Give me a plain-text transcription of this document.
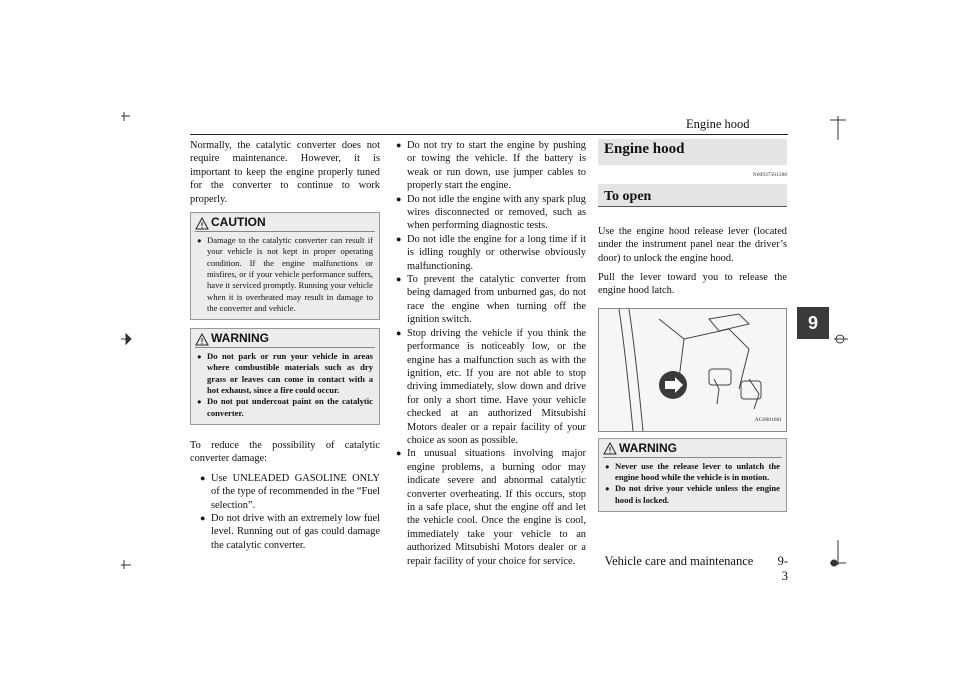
Engine hood
9

Normally, the catalytic converter does not require maintenance. However, it is important to keep the engine properly tuned for the converter to continue to work properly.

CAUTION
● Damage to the catalytic converter can result if your vehicle is not kept in proper operating condition. If the engine malfunctions or misfires, or if your vehicle performance suffers, have it serviced promptly. Running your vehicle when it is overheated may result in damage to the converter and vehicle.
WARNING
● Do not park or run your vehicle in areas where combustible materials such as dry grass or leaves can come in contact with a hot exhaust, since a fire could occur.
● Do not put undercoat paint on the catalytic converter.

To reduce the possibility of catalytic converter damage:

● Use UNLEADED GASOLINE ONLY of the type of recommended in the “Fuel selection”.
● Do not drive with an extremely low fuel level. Running out of gas could damage the catalytic converter.
● Do not try to start the engine by pushing or towing the vehicle. If the battery is weak or run down, use jumper cables to properly start the engine.
● Do not idle the engine with any spark plug wires disconnected or removed, such as when performing diagnostic tests.
● Do not idle the engine for a long time if it is idling roughly or otherwise obviously malfunctioning.
● To prevent the catalytic converter from being damaged from unburned gas, do not race the engine when turning off the ignition switch.
● Stop driving the vehicle if you think the performance is noticeably low, or the engine has a malfunction such as with the ignition, etc. If you are not able to stop driving immediately, slow down and drive for only a short time. Have your vehicle checked at an authorized Mitsubishi Motors dealer or a repair facility of your choice as soon as possible.
● In unusual situations involving major engine problems, a burning odor may indicate severe and abnormal catalytic converter overheating. If this occurs, stop in a safe place, shut the engine off and let the vehicle cool. Once the engine is cool, immediately take your vehicle to an authorized Mitsubishi Motors dealer or a repair facility of your choice for service.
Engine hood
N00937501588
To open

Use the engine hood release lever (located under the instrument panel near the driver’s door) to unlock the engine hood.

Pull the lever toward you to release the engine hood latch.

AG0001681
WARNING
● Never use the release lever to unlatch the engine hood while the vehicle is in motion.
● Do not drive your vehicle unless the engine hood is locked.
Vehicle care and maintenance 9-3
